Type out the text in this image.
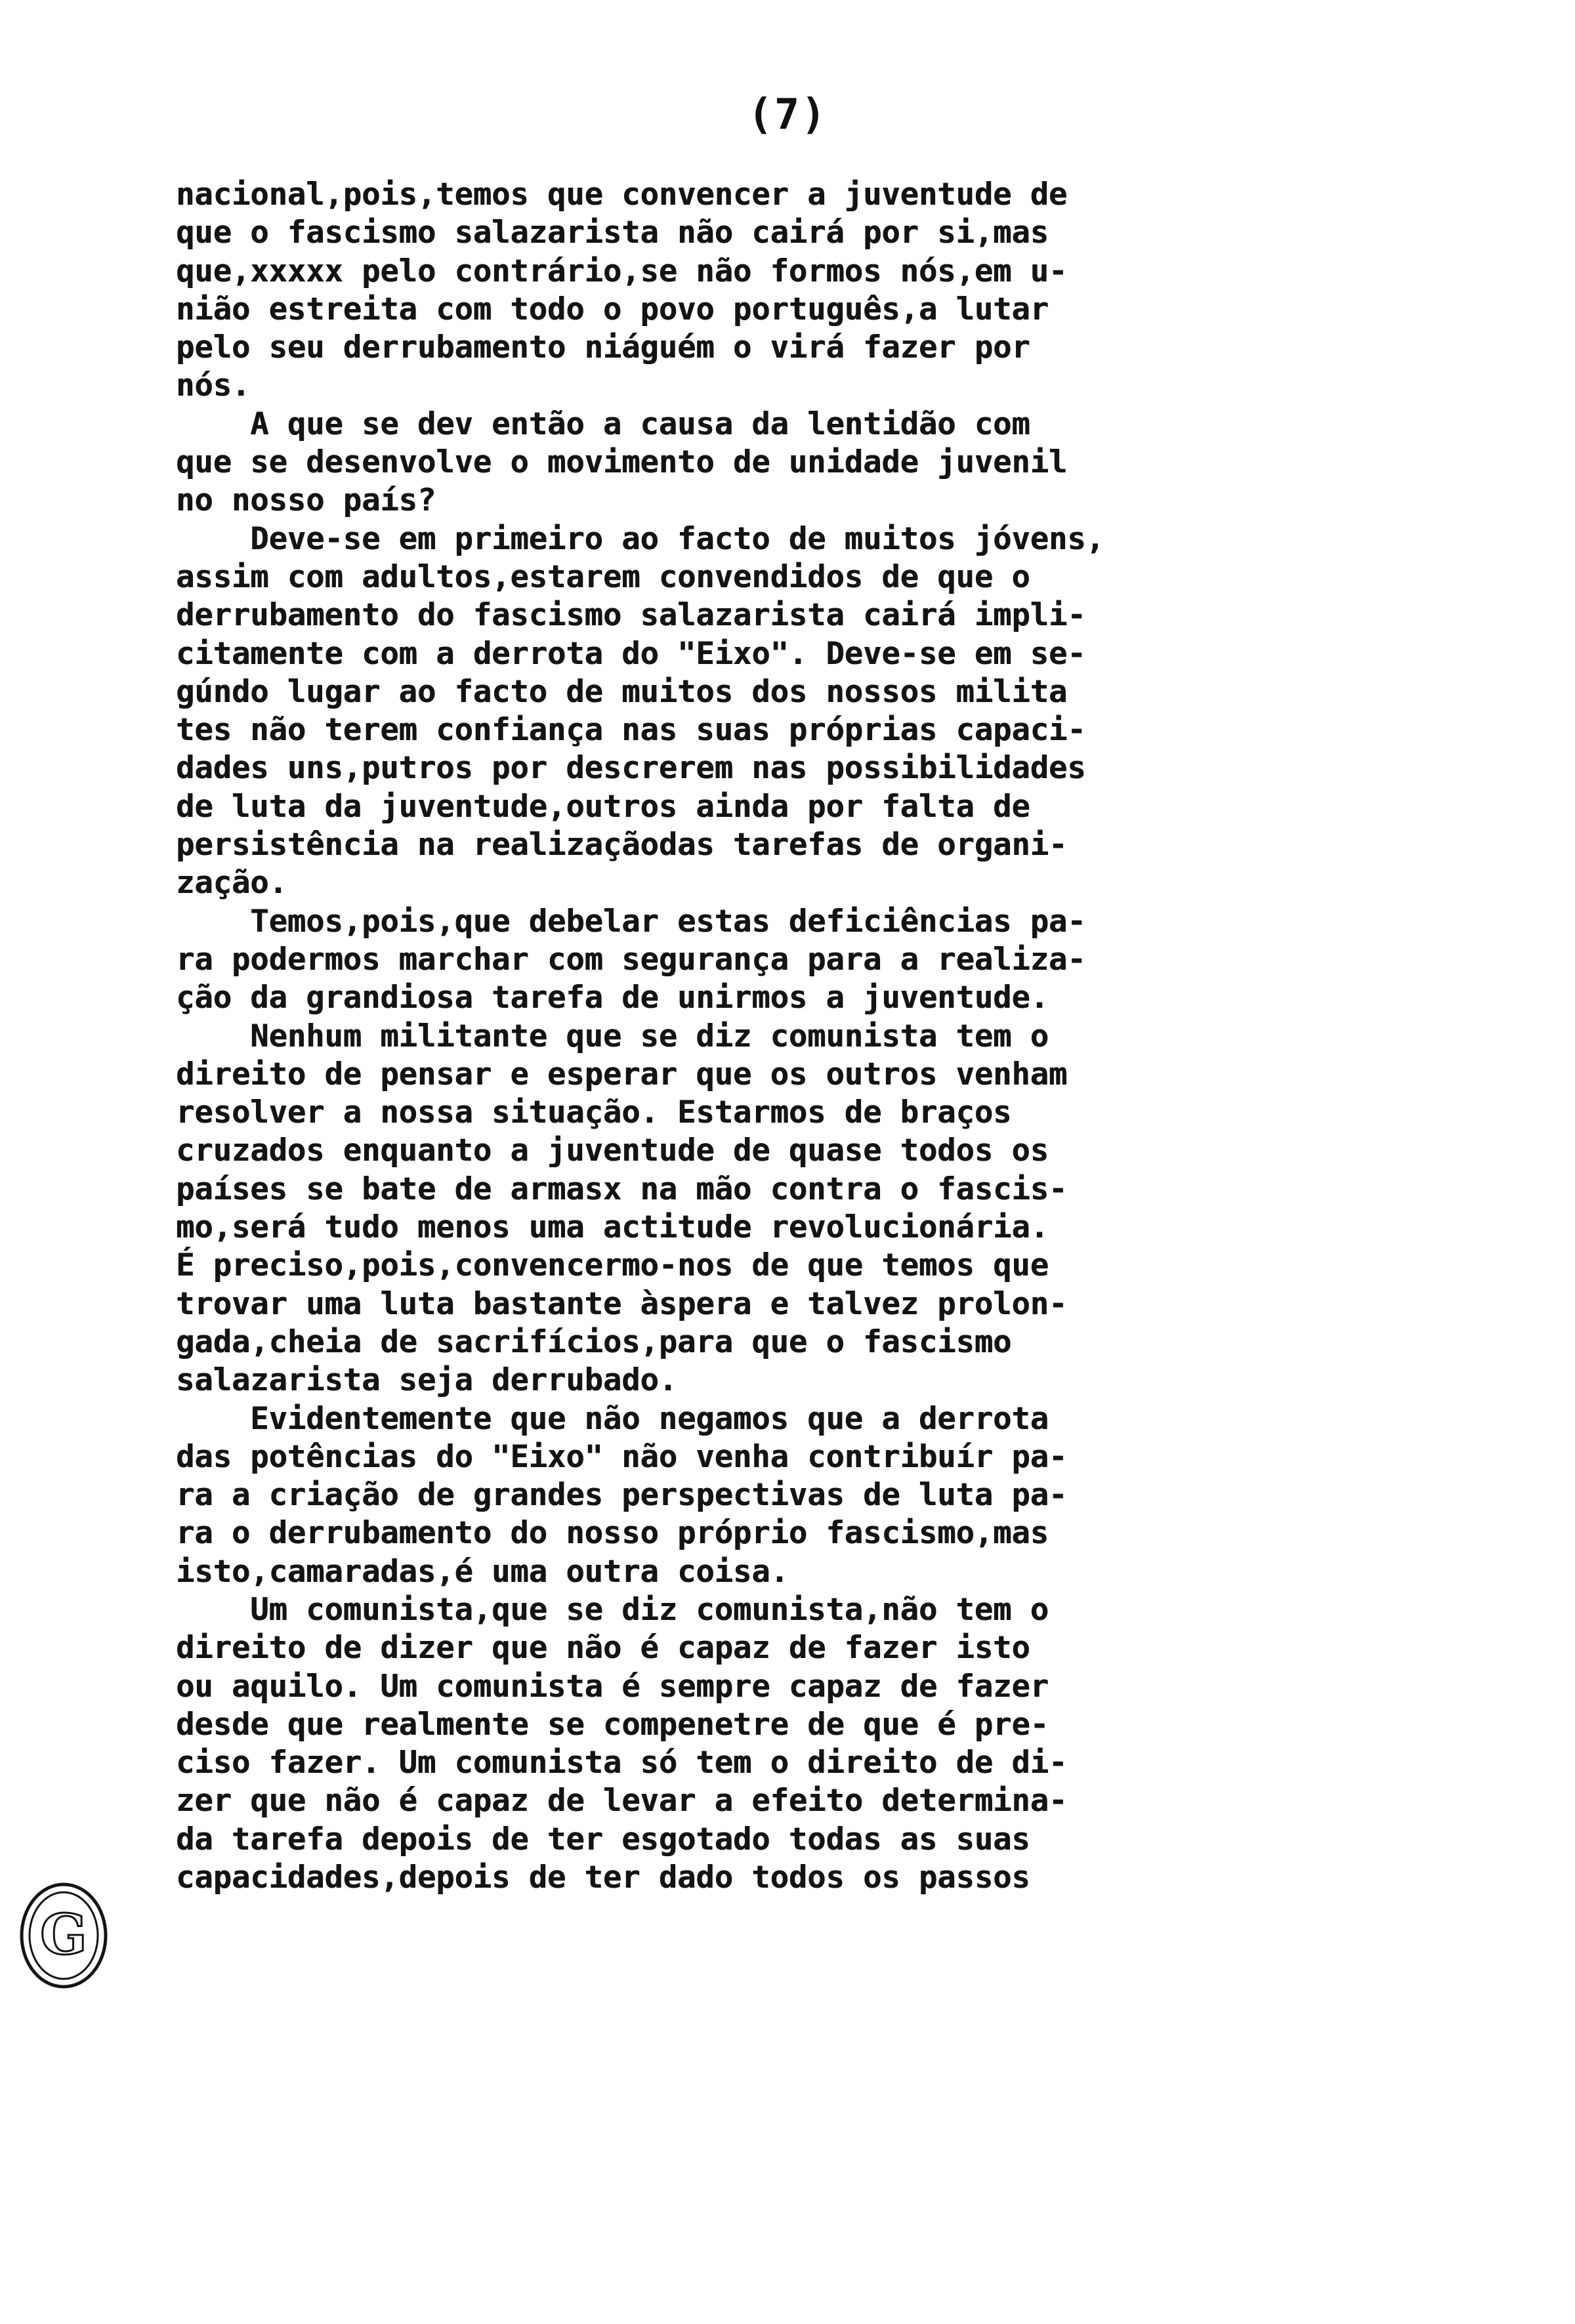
(7)
nacional,pois,temos que convencer a juventude de
que o fascismo salazarista não cairá por si,mas
que,xxxxx pelo contrário,se não formos nós,em u-
nião estreita com todo o povo português,a lutar
pelo seu derrubamento niáguém o virá fazer por
nós.
A que se dev então a causa da lentidão com
que se desenvolve o movimento de unidade juvenil
no nosso país?
Deve-se em primeiro ao facto de muitos jóvens,
assim com adultos,estarem convendidos de que o
derrubamento do fascismo salazarista cairá impli-
citamente com a derrota do "Eixo". Deve-se em se-
gúndo lugar ao facto de muitos dos nossos milita
tes não terem confiança nas suas próprias capaci-
dades uns,putros por descrerem nas possibilidades
de luta da juventude,outros ainda por falta de
persistência na realizaçãodas tarefas de organi-
zação.
Temos,pois,que debelar estas deficiências pa-
ra podermos marchar com segurança para a realiza-
ção da grandiosa tarefa de unirmos a juventude.
Nenhum militante que se diz comunista tem o
direito de pensar e esperar que os outros venham
resolver a nossa situação. Estarmos de braços
cruzados enquanto a juventude de quase todos os
países se bate de armasx na mão contra o fascis-
mo,será tudo menos uma actitude revolucionária.
É preciso,pois,convencermo-nos de que temos que
trovar uma luta bastante àspera e talvez prolon-
gada,cheia de sacrifícios,para que o fascismo
salazarista seja derrubado.
Evidentemente que não negamos que a derrota
das potências do "Eixo" não venha contribuír pa-
ra a criação de grandes perspectivas de luta pa-
ra o derrubamento do nosso próprio fascismo,mas
isto,camaradas,é uma outra coisa.
Um comunista,que se diz comunista,não tem o
direito de dizer que não é capaz de fazer isto
ou aquilo. Um comunista é sempre capaz de fazer
desde que realmente se compenetre de que é pre-
ciso fazer. Um comunista só tem o direito de di-
zer que não é capaz de levar a efeito determina-
da tarefa depois de ter esgotado todas as suas
capacidades,depois de ter dado todos os passos
G
